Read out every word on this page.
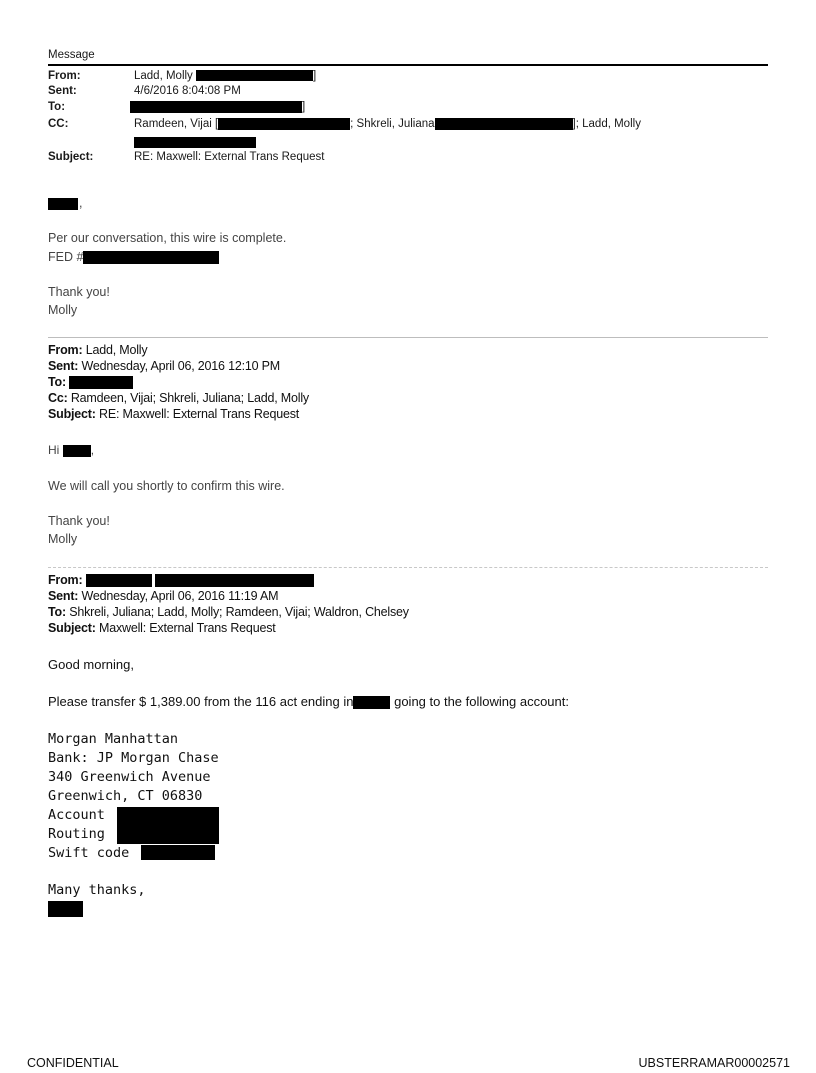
Message
From:	Ladd, Molly	]
Sent:	4/6/2016 8:04:08 PM
To:	]
CC:	Ramdeen, Vijai [	; Shkreli, Juliana	]; Ladd, Molly
Subject:	RE: Maxwell: External Trans Request
,
Per our conversation, this wire is complete.
FED #
Thank you!
Molly
From: Ladd, Molly
Sent: Wednesday, April 06, 2016 12:10 PM
To:
Cc: Ramdeen, Vijai; Shkreli, Juliana; Ladd, Molly
Subject: RE: Maxwell: External Trans Request
Hi	,
We will call you shortly to confirm this wire.
Thank you!
Molly
From:
Sent: Wednesday, April 06, 2016 11:19 AM
To: Shkreli, Juliana; Ladd, Molly; Ramdeen, Vijai; Waldron, Chelsey
Subject: Maxwell: External Trans Request
Good morning,
Please transfer $ 1,389.00 from the 116 act ending in	going to the following account:
Morgan Manhattan
Bank: JP Morgan Chase
340 Greenwich Avenue
Greenwich, CT 06830
Account
Routing
Swift code
Many thanks,
CONFIDENTIAL	UBSTERRAMAR00002571
